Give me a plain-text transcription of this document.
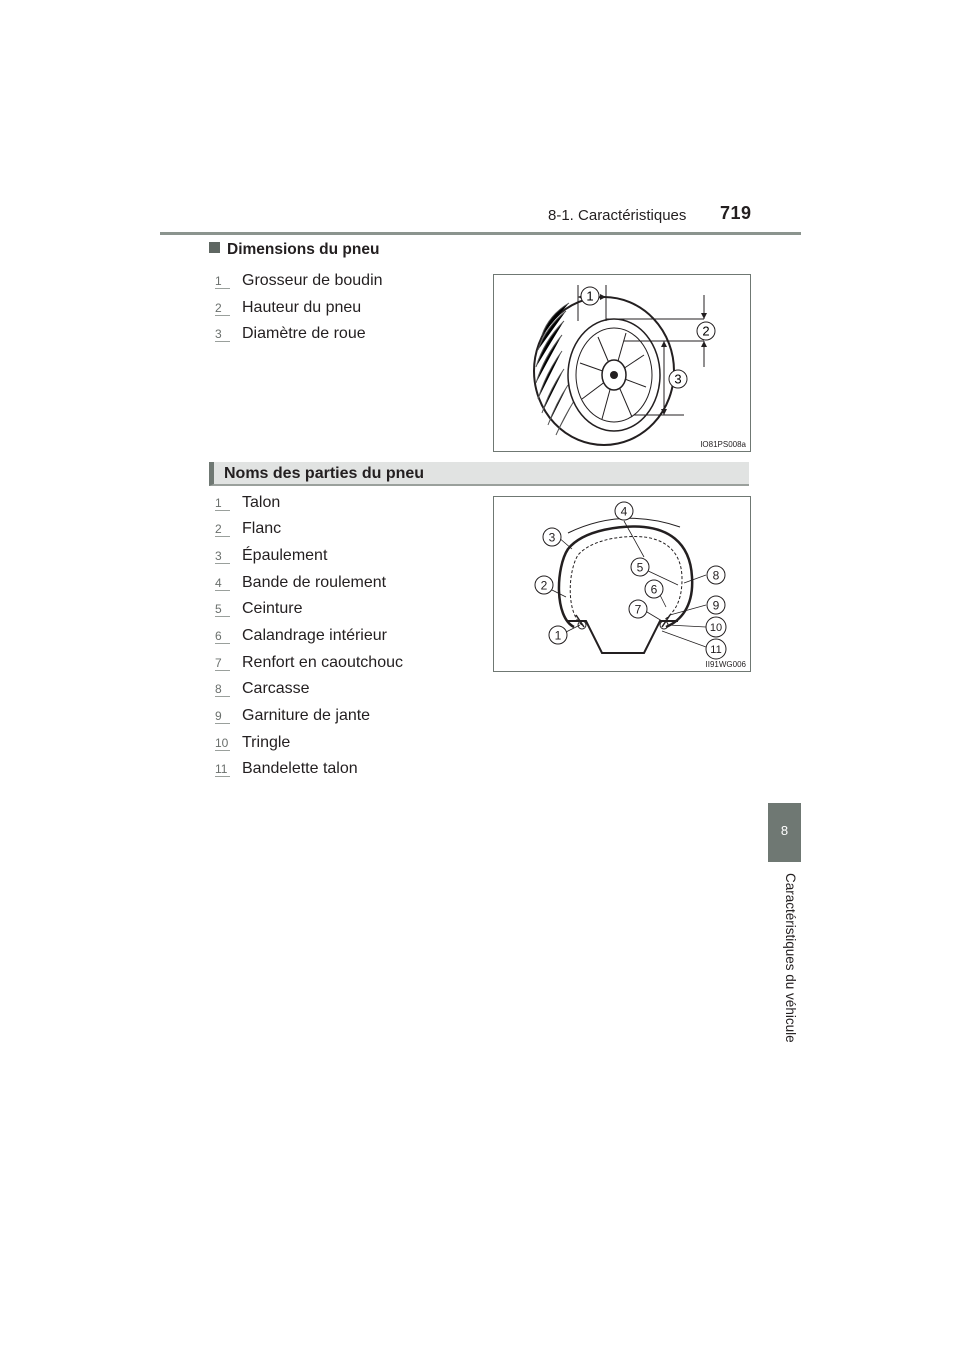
8-1. Caractéristiques 719
8
Caractéristiques du véhicule
Dimensions du pneu
1 Grosseur de boudin
2 Hauteur du pneu
3 Diamètre de roue
1
2
3
IO81PS008a
Noms des parties du pneu
1 Talon
2 Flanc
3 Épaulement
4 Bande de roulement
5 Ceinture
6 Calandrage intérieur
7 Renfort en caoutchouc
8 Carcasse
9 Garniture de jante
10 Tringle
11 Bandelette talon
1
2
3
4
5
6
7
8
9
10
11
II91WG006
